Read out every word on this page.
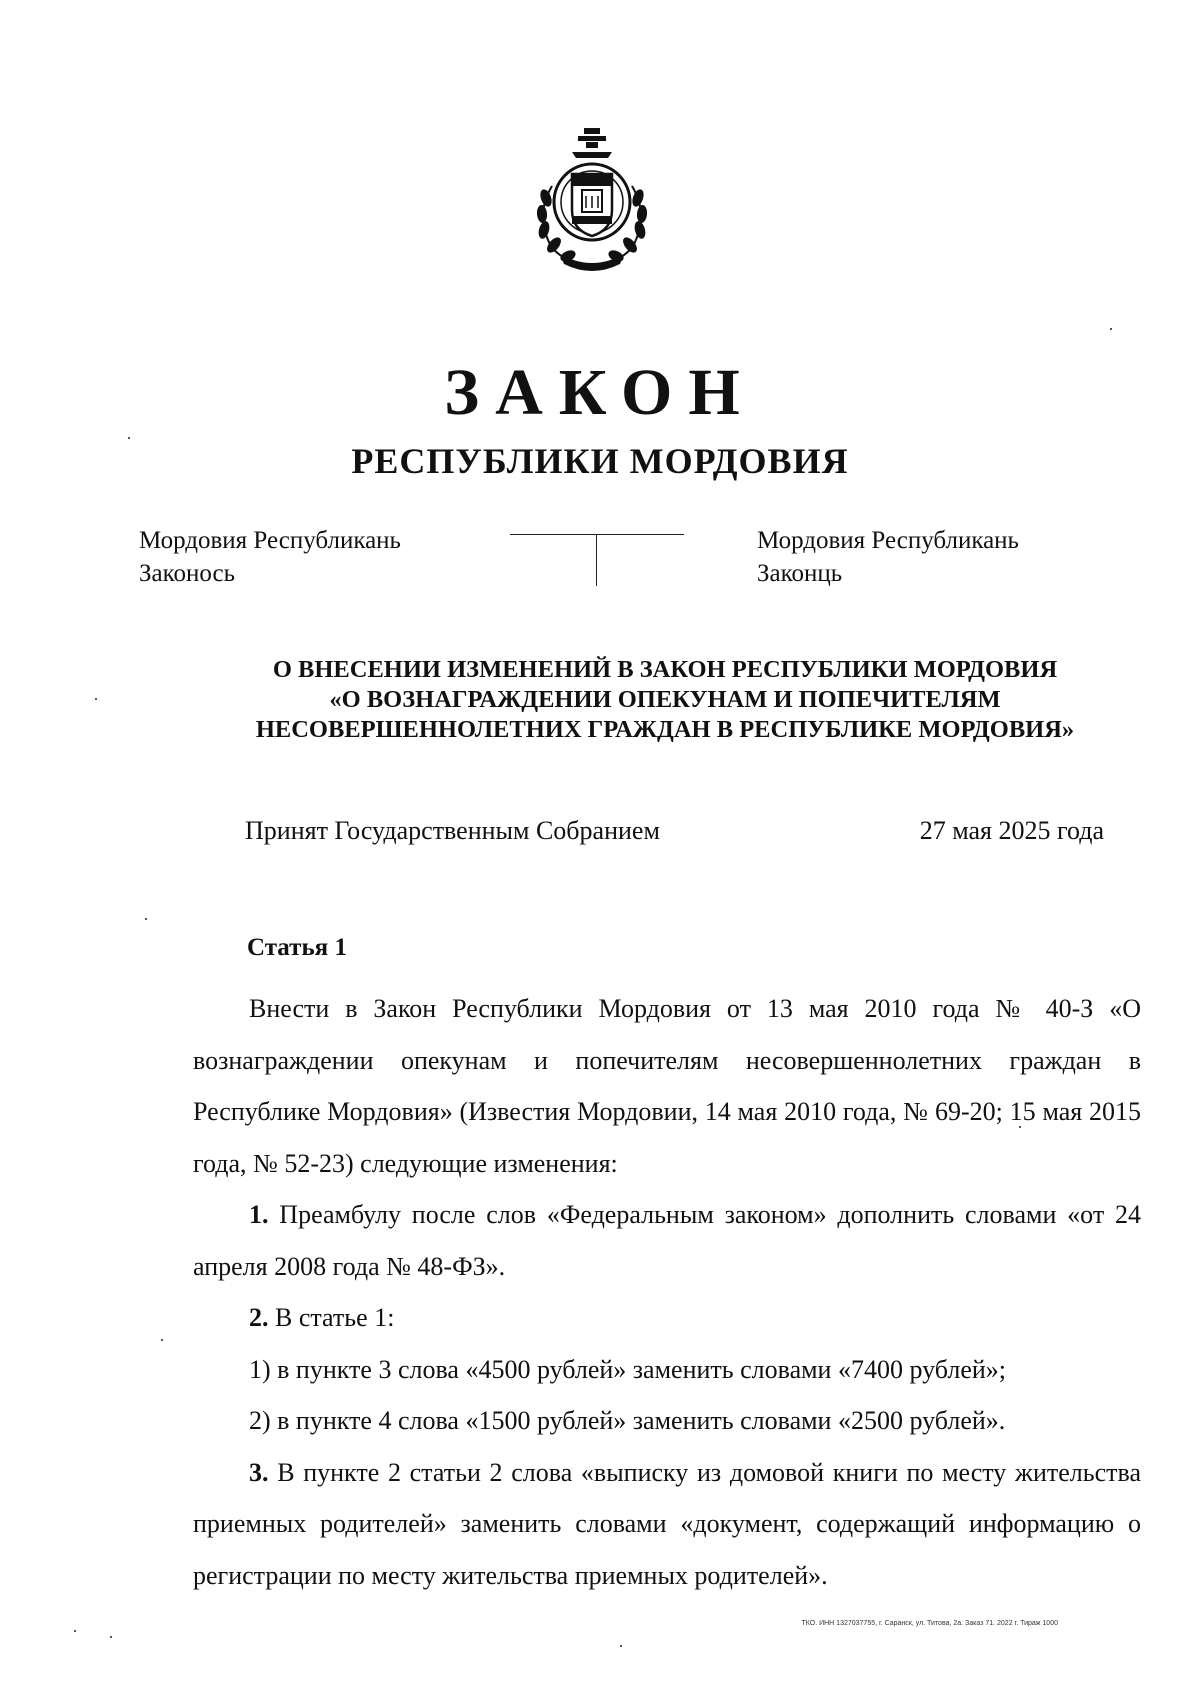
ЗАКОН
РЕСПУБЛИКИ МОРДОВИЯ
Мордовия Республикань
Законось
Мордовия Республикань
Законць
О ВНЕСЕНИИ ИЗМЕНЕНИЙ В ЗАКОН РЕСПУБЛИКИ МОРДОВИЯ
«О ВОЗНАГРАЖДЕНИИ ОПЕКУНАМ И ПОПЕЧИТЕЛЯМ
НЕСОВЕРШЕННОЛЕТНИХ ГРАЖДАН В РЕСПУБЛИКЕ МОРДОВИЯ»
Принят Государственным Собранием	27 мая 2025 года
Статья 1

Внести в Закон Республики Мордовия от 13 мая 2010 года № 40-З «О вознаграждении опекунам и попечителям несовершеннолетних граждан в Республике Мордовия» (Известия Мордовии, 14 мая 2010 года, № 69-20; 15 мая 2015 года, № 52-23) следующие изменения:

1. Преамбулу после слов «Федеральным законом» дополнить словами «от 24 апреля 2008 года № 48-ФЗ».

2. В статье 1:

1) в пункте 3 слова «4500 рублей» заменить словами «7400 рублей»;

2) в пункте 4 слова «1500 рублей» заменить словами «2500 рублей».

3. В пункте 2 статьи 2 слова «выписку из домовой книги по месту жительства приемных родителей» заменить словами «документ, содержащий информацию о регистрации по месту жительства приемных родителей».

ТКО. ИНН 1327037755, г. Саранск, ул. Титова, 2а. Заказ 71. 2022 г. Тираж 1000
